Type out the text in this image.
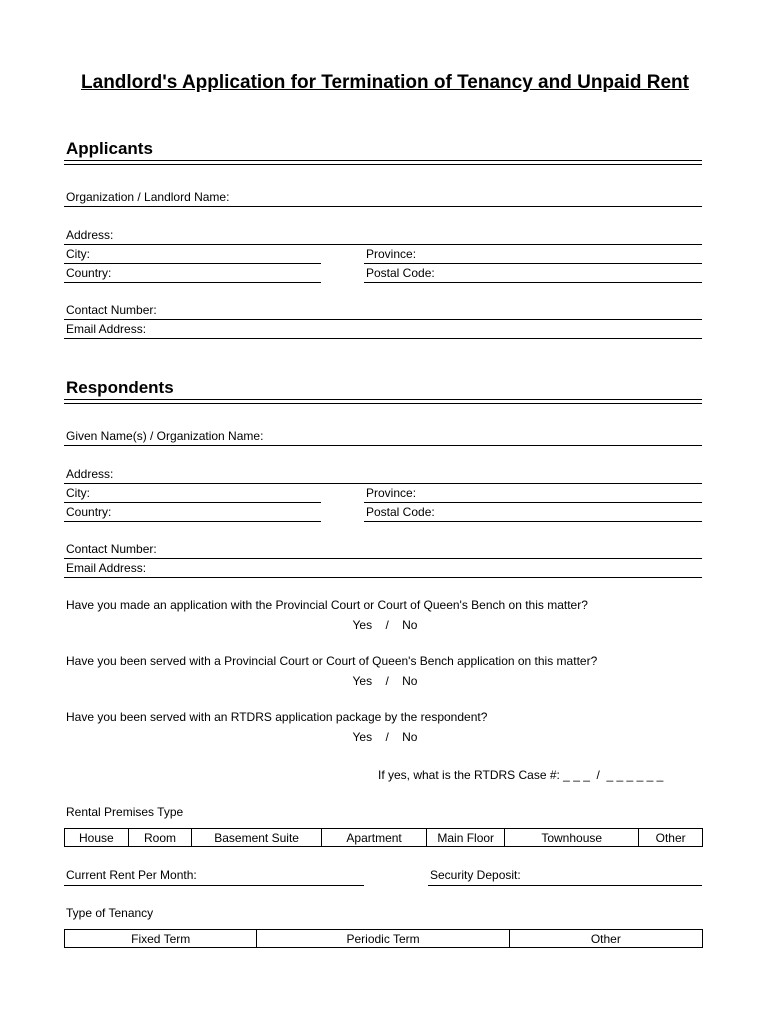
Landlord's Application for Termination of Tenancy and Unpaid Rent
Applicants
Organization / Landlord Name:
Address:
City:	Province:
Country:	Postal Code:
Contact Number:
Email Address:
Respondents
Given Name(s) / Organization Name:
Address:
City:	Province:
Country:	Postal Code:
Contact Number:
Email Address:
Have you made an application with the Provincial Court or Court of Queen's Bench on this matter?
Yes    /    No
Have you been served with a Provincial Court or Court of Queen's Bench application on this matter?
Yes    /    No
Have you been served with an RTDRS application package by the respondent?
Yes    /    No
If yes, what is the RTDRS Case #: _ _ _  /  _ _ _ _ _ _
Rental Premises Type
House	Room	Basement Suite	Apartment	Main Floor	Townhouse	Other
Current Rent Per Month:	Security Deposit:
Type of Tenancy
Fixed Term	Periodic Term	Other
